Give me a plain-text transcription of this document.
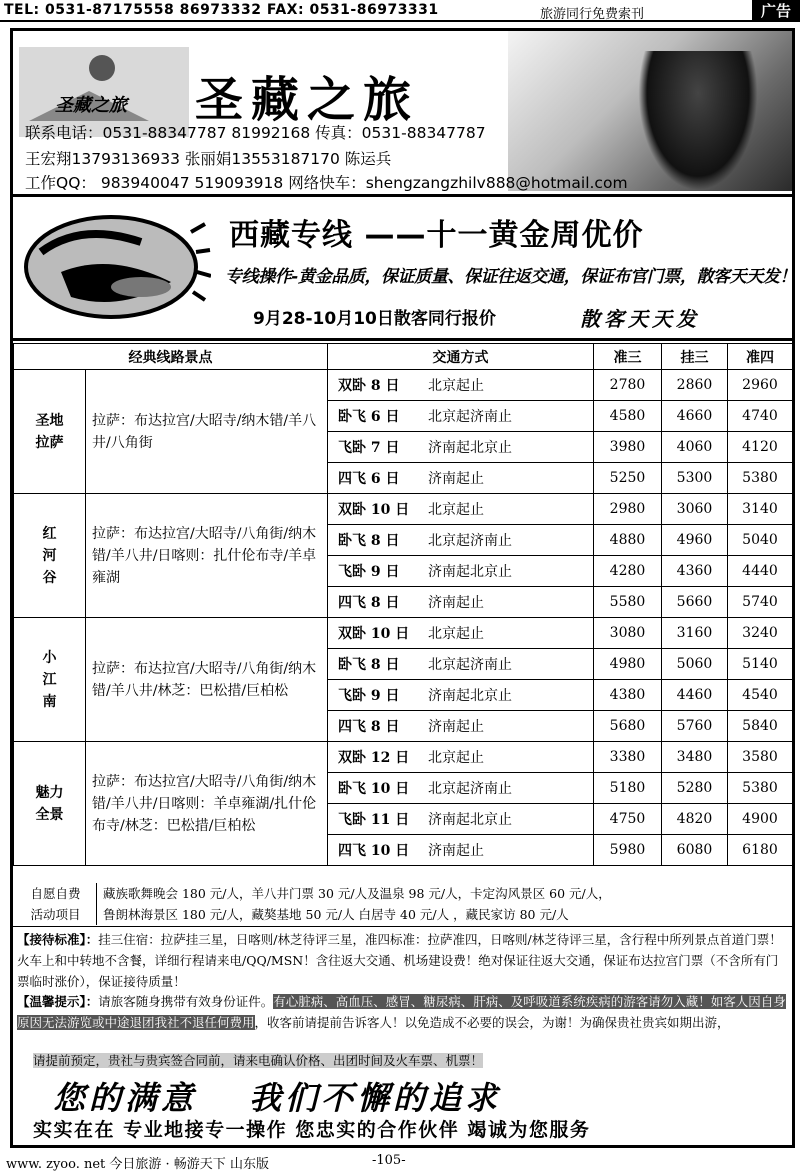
TEL: 0531-87175558 86973332 FAX: 0531-86973331	旅游同行免费索刊	广告
圣藏之旅 圣藏之旅
联系电话：0531-88347787 81992168 传真：0531-88347787
王宏翔13793136933 张丽娟13553187170 陈运兵
工作QQ： 983940047 519093918 网络快车：shengzangzhilv888@hotmail.com
西藏专线 ——十一黄金周优价
专线操作-黄金品质，保证质量、保证往返交通，保证布官门票，散客天天发！
9月28-10月10日散客同行报价	散客天天发
经典线路景点		交通方式	准三	挂三	准四
圣地
拉萨	拉萨：布达拉宫/大昭寺/纳木错/羊八井/八角街	双卧 8 日 北京起止	2780	2860	2960
		卧飞 6 日 北京起济南止	4580	4660	4740
		飞卧 7 日 济南起北京止	3980	4060	4120
		四飞 6 日 济南起止	5250	5300	5380
红
河
谷	拉萨：布达拉宫/大昭寺/八角街/纳木错/羊八井/日喀则：扎什伦布寺/羊卓雍湖	双卧 10 日 北京起止	2980	3060	3140
		卧飞 8 日 北京起济南止	4880	4960	5040
		飞卧 9 日 济南起北京止	4280	4360	4440
		四飞 8 日 济南起止	5580	5660	5740
小
江
南	拉萨：布达拉宫/大昭寺/八角街/纳木错/羊八井/林芝：巴松措/巨柏松	双卧 10 日 北京起止	3080	3160	3240
		卧飞 8 日 北京起济南止	4980	5060	5140
		飞卧 9 日 济南起北京止	4380	4460	4540
		四飞 8 日 济南起止	5680	5760	5840
魅力
全景	拉萨：布达拉宫/大昭寺/八角街/纳木错/羊八井/日喀则：羊卓雍湖/扎什伦布寺/林芝：巴松措/巨柏松	双卧 12 日 北京起止	3380	3480	3580
		卧飞 10 日 北京起济南止	5180	5280	5380
		飞卧 11 日 济南起北京止	4750	4820	4900
		四飞 10 日 济南起止	5980	6080	6180
自愿自费
活动项目
藏族歌舞晚会 180 元/人，羊八井门票 30 元/人及温泉 98 元/人，卡定沟风景区 60 元/人，
鲁朗林海景区 180 元/人，藏獒基地 50 元/人 白居寺 40 元/人 ，藏民家访 80 元/人
【接待标准】：挂三住宿：拉萨挂三星，日喀则/林芝待评三星，准四标准：拉萨准四，日喀则/林芝待评三星，含行程中所列景点首道门票！火车上和中转地不含餐，详细行程请来电/QQ/MSN！含往返大交通、机场建设费！绝对保证往返大交通，保证布达拉宫门票（不含所有门票临时涨价），保证接待质量！
【温馨提示】：请旅客随身携带有效身份证件。有心脏病、高血压、感冒、糖尿病、肝病、及呼吸道系统疾病的游客请勿入藏！如客人因自身原因无法游览或中途退团我社不退任何费用，收客前请提前告诉客人！以免造成不必要的误会，为谢！为确保贵社贵宾如期出游，
请提前预定，贵社与贵宾签合同前，请来电确认价格、出团时间及火车票、机票！
您的满意 我们不懈的追求
实实在在 专业地接专一操作 您忠实的合作伙伴 竭诚为您服务
www. zyoo. net 今日旅游 · 畅游天下 山东版	-105-
